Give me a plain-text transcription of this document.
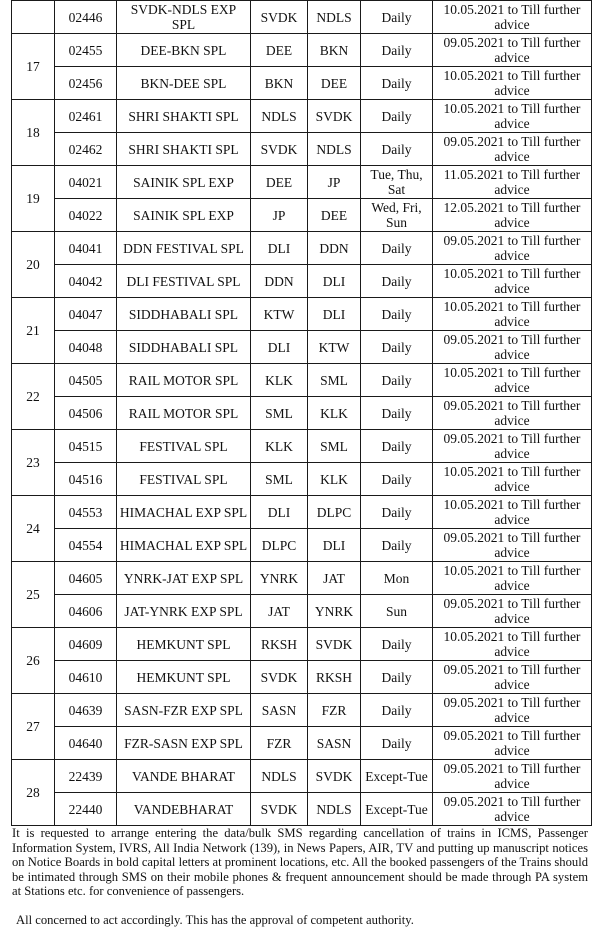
	02446	SVDK-NDLS EXP SPL	SVDK	NDLS	Daily	10.05.2021 to Till further advice
17	02455	DEE-BKN SPL	DEE	BKN	Daily	09.05.2021 to Till further advice
	02456	BKN-DEE SPL	BKN	DEE	Daily	10.05.2021 to Till further advice
18	02461	SHRI SHAKTI SPL	NDLS	SVDK	Daily	10.05.2021 to Till further advice
	02462	SHRI SHAKTI SPL	SVDK	NDLS	Daily	09.05.2021 to Till further advice
19	04021	SAINIK SPL EXP	DEE	JP	Tue, Thu, Sat	11.05.2021 to Till further advice
	04022	SAINIK SPL EXP	JP	DEE	Wed, Fri, Sun	12.05.2021 to Till further advice
20	04041	DDN FESTIVAL SPL	DLI	DDN	Daily	09.05.2021 to Till further advice
	04042	DLI FESTIVAL SPL	DDN	DLI	Daily	10.05.2021 to Till further advice
21	04047	SIDDHABALI SPL	KTW	DLI	Daily	10.05.2021 to Till further advice
	04048	SIDDHABALI SPL	DLI	KTW	Daily	09.05.2021 to Till further advice
22	04505	RAIL MOTOR SPL	KLK	SML	Daily	10.05.2021 to Till further advice
	04506	RAIL MOTOR SPL	SML	KLK	Daily	09.05.2021 to Till further advice
23	04515	FESTIVAL SPL	KLK	SML	Daily	09.05.2021 to Till further advice
	04516	FESTIVAL SPL	SML	KLK	Daily	10.05.2021 to Till further advice
24	04553	HIMACHAL EXP SPL	DLI	DLPC	Daily	10.05.2021 to Till further advice
	04554	HIMACHAL EXP SPL	DLPC	DLI	Daily	09.05.2021 to Till further advice
25	04605	YNRK-JAT EXP SPL	YNRK	JAT	Mon	10.05.2021 to Till further advice
	04606	JAT-YNRK EXP SPL	JAT	YNRK	Sun	09.05.2021 to Till further advice
26	04609	HEMKUNT SPL	RKSH	SVDK	Daily	10.05.2021 to Till further advice
	04610	HEMKUNT SPL	SVDK	RKSH	Daily	09.05.2021 to Till further advice
27	04639	SASN-FZR EXP SPL	SASN	FZR	Daily	09.05.2021 to Till further advice
	04640	FZR-SASN EXP SPL	FZR	SASN	Daily	09.05.2021 to Till further advice
28	22439	VANDE BHARAT	NDLS	SVDK	Except-Tue	09.05.2021 to Till further advice
	22440	VANDEBHARAT	SVDK	NDLS	Except-Tue	09.05.2021 to Till further advice

It is requested to arrange entering the data/bulk SMS regarding cancellation of trains in ICMS, Passenger Information System, IVRS, All India Network (139), in News Papers, AIR, TV and putting up manuscript notices on Notice Boards in bold capital letters at prominent locations, etc. All the booked passengers of the Trains should be intimated through SMS on their mobile phones & frequent announcement should be made through PA system at Stations etc. for convenience of passengers.

All concerned to act accordingly. This has the approval of competent authority.
